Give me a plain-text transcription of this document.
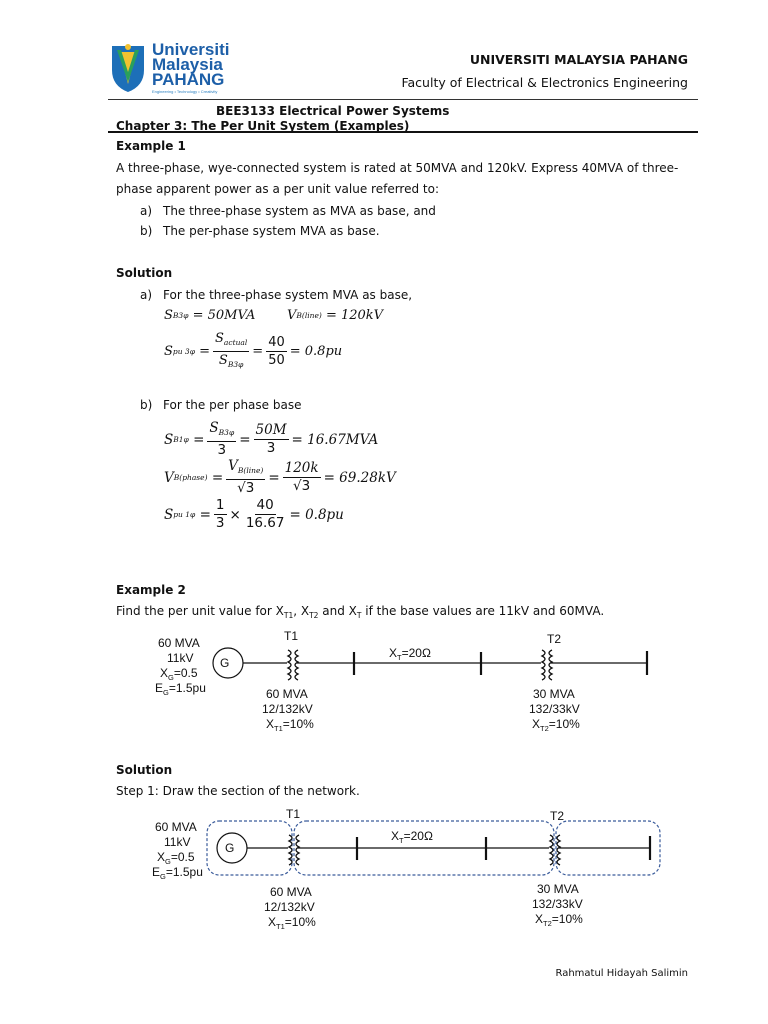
Universiti
Malaysia
PAHANG
Engineering • Technology • Creativity
UNIVERSITI MALAYSIA PAHANG
Faculty of Electrical & Electronics Engineering
BEE3133 Electrical Power Systems
Chapter 3: The Per Unit System (Examples)
Example 1
A three-phase, wye-connected system is rated at 50MVA and 120kV. Express 40MVA of three-
phase apparent power as a per unit value referred to:
a) The three-phase system as MVA as base, and
b) The per-phase system MVA as base.
Solution
a) For the three-phase system MVA as base,
S B3φ
= 50MVA V B(line)
= 120kV
S pu 3φ
= $\frac{S_{actual}}{S_{B3\varphi}} = \frac{40}{50} = 0.8pu$
b) For the per phase base
S B1φ
= $\frac{S_{B3\varphi}}{3} = \frac{50M}{3} = 16.67MVA$
V B(phase)
= $\frac{V_{B(line)}}{√3} = \frac{120k}{√3} = 69.28kV$
S pu 1φ
= $\frac{1}{3} \times \frac{40}{16.67} = 0.8pu$
Example 2
Find the per unit value for $X_{T1}$, $X_{T2}$ and $X_T$ if the base values are 11kV and 60MVA.
G
60 MVA
11kV
$X_G=0.5$
$E_G=1.5pu$
T1	T2
$X_T=20\Omega$
60 MVA
12/132kV
$X_{T1}=10\%$
30 MVA
132/33kV
$X_{T2}=10\%$
Solution
Step 1: Draw the section of the network.
G
60 MVA
11kV
$X_G=0.5$
$E_G=1.5pu$
T1	T2
$X_T=20\Omega$
60 MVA
12/132kV
$X_{T1}=10\%$
30 MVA
132/33kV
$X_{T2}=10\%$
Rahmatul Hidayah Salimin
